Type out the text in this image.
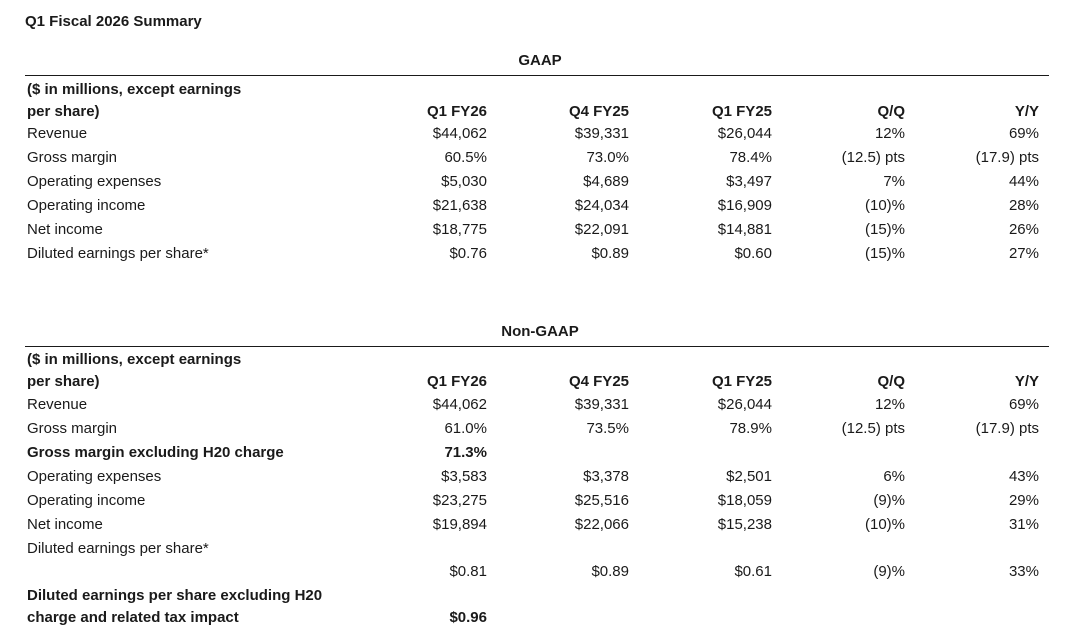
Q1 Fiscal 2026 Summary
GAAP
($ in millions, except earnings
per share)	Q1 FY26	Q4 FY25	Q1 FY25	Q/Q	Y/Y
Revenue	$44,062	$39,331	$26,044	12%	69%
Gross margin	60.5%	73.0%	78.4%	(12.5) pts	(17.9) pts
Operating expenses	$5,030	$4,689	$3,497	7%	44%
Operating income	$21,638	$24,034	$16,909	(10)%	28%
Net income	$18,775	$22,091	$14,881	(15)%	26%
Diluted earnings per share*	$0.76	$0.89	$0.60	(15)%	27%
Non-GAAP
($ in millions, except earnings
per share)	Q1 FY26	Q4 FY25	Q1 FY25	Q/Q	Y/Y
Revenue	$44,062	$39,331	$26,044	12%	69%
Gross margin	61.0%	73.5%	78.9%	(12.5) pts	(17.9) pts
Gross margin excluding H20 charge	71.3%
Operating expenses	$3,583	$3,378	$2,501	6%	43%
Operating income	$23,275	$25,516	$18,059	(9)%	29%
Net income	$19,894	$22,066	$15,238	(10)%	31%
Diluted earnings per share*
$0.81	$0.89	$0.61	(9)%	33%
Diluted earnings per share excluding H20
charge and related tax impact	$0.96
